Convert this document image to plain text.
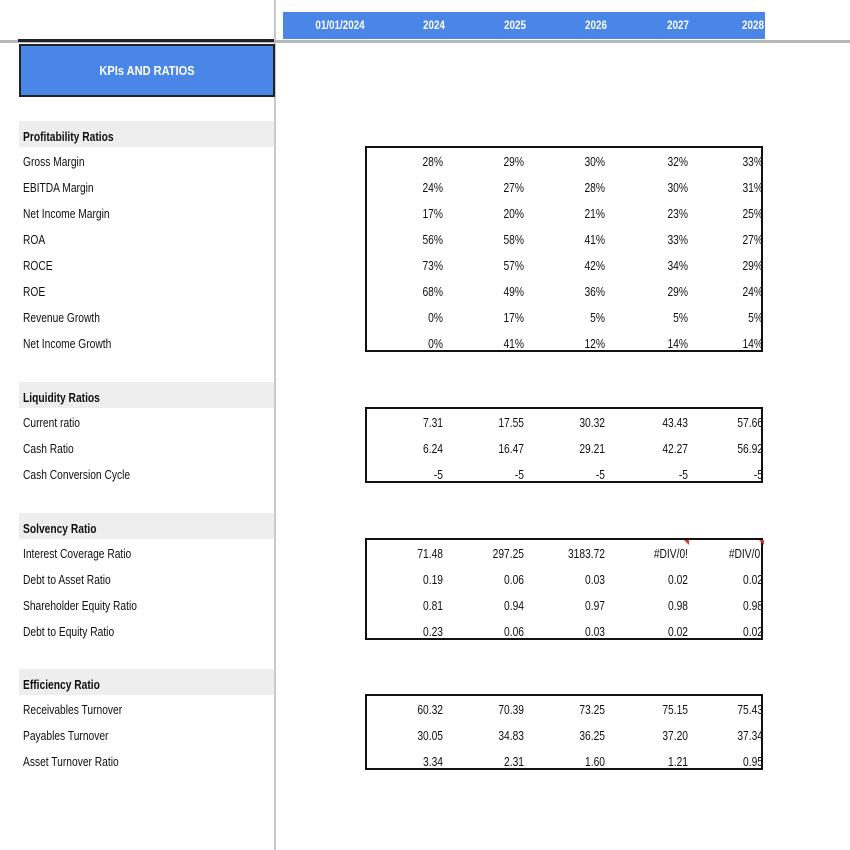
01/01/2024	2024	2025	2026	2027	2028
KPIs AND RATIOS
Profitability Ratios
Gross Margin	28%	29%	30%	32%	33%
EBITDA Margin	24%	27%	28%	30%	31%
Net Income Margin	17%	20%	21%	23%	25%
ROA	56%	58%	41%	33%	27%
ROCE	73%	57%	42%	34%	29%
ROE	68%	49%	36%	29%	24%
Revenue Growth	0%	17%	5%	5%	5%
Net Income Growth	0%	41%	12%	14%	14%
Liquidity Ratios
Current ratio	7.31	17.55	30.32	43.43	57.66
Cash Ratio	6.24	16.47	29.21	42.27	56.92
Cash Conversion Cycle	-5	-5	-5	-5	-5
Solvency Ratio
Interest Coverage Ratio	71.48	297.25	3183.72	#DIV/0!	#DIV/0!
Debt to Asset Ratio	0.19	0.06	0.03	0.02	0.02
Shareholder Equity Ratio	0.81	0.94	0.97	0.98	0.98
Debt to Equity Ratio	0.23	0.06	0.03	0.02	0.02
Efficiency Ratio
Receivables Turnover	60.32	70.39	73.25	75.15	75.43
Payables Turnover	30.05	34.83	36.25	37.20	37.34
Asset Turnover Ratio	3.34	2.31	1.60	1.21	0.95
